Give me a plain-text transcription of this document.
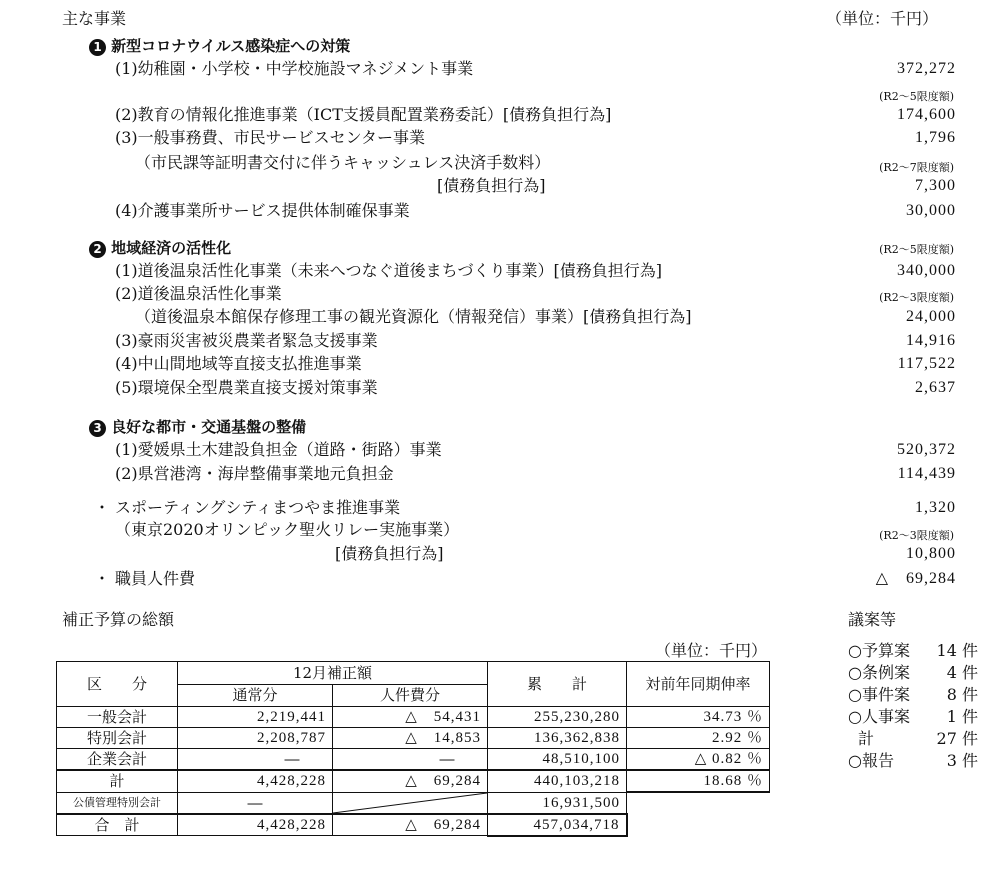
主な事業	（単位：千円）
1 新型コロナウイルス感染症への対策
(1)幼稚園・小学校・中学校施設マネジメント事業	372,272
(R2～5限度額)
(2)教育の情報化推進事業（ICT支援員配置業務委託）[債務負担行為]	174,600
(3)一般事務費、市民サービスセンター事業	1,796
（市民課等証明書交付に伴うキャッシュレス決済手数料）	(R2～7限度額)
[債務負担行為]	7,300
(4)介護事業所サービス提供体制確保事業	30,000
2 地域経済の活性化	(R2～5限度額)
(1)道後温泉活性化事業（未来へつなぐ道後まちづくり事業）[債務負担行為]	340,000
(2)道後温泉活性化事業	(R2～3限度額)
（道後温泉本館保存修理工事の観光資源化（情報発信）事業）[債務負担行為]	24,000
(3)豪雨災害被災農業者緊急支援事業	14,916
(4)中山間地域等直接支払推進事業	117,522
(5)環境保全型農業直接支援対策事業	2,637
3 良好な都市・交通基盤の整備
(1)愛媛県土木建設負担金（道路・街路）事業	520,372
(2)県営港湾・海岸整備事業地元負担金	114,439
・ スポーティングシティまつやま推進事業	1,320
（東京2020オリンピック聖火リレー実施事業）	(R2～3限度額)
[債務負担行為]	10,800
・ 職員人件費	△　69,284
補正予算の総額
（単位：千円）
区　　分	12月補正額		累　　計	対前年同期伸率
	通常分	人件費分		
一般会計	2,219,441	△　54,431	255,230,280	34.73 ％
特別会計	2,208,787	△　14,853	136,362,838	2.92 ％
企業会計	―	―	48,510,100	△ 0.82 ％
計	4,428,228	△　69,284	440,103,218	18.68 ％
公債管理特別会計	―		16,931,500	
合　計	4,428,228	△　69,284	457,034,718	
議案等
○予算案 14 件
○条例案 4 件
○事件案 8 件
○人事案 1 件
計	27 件
○報告	3 件
